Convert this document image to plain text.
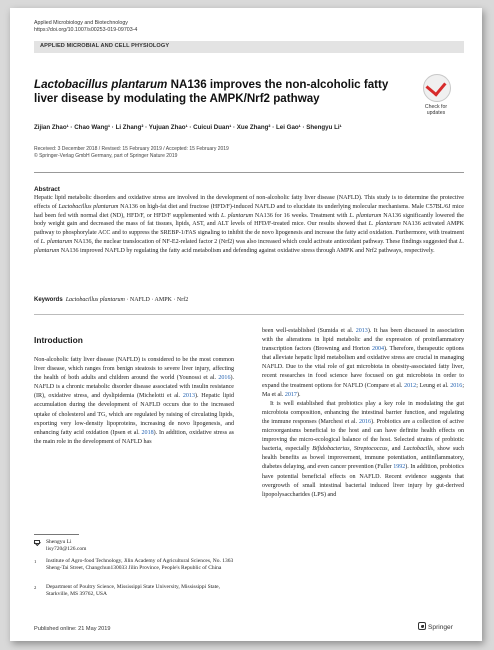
Applied Microbiology and Biotechnology
https://doi.org/10.1007/s00253-019-09703-4
APPLIED MICROBIAL AND CELL PHYSIOLOGY
Lactobacillus plantarum NA136 improves the non-alcoholic fatty liver disease by modulating the AMPK/Nrf2 pathway
Check for
updates
Zijian Zhao¹ · Chao Wang¹ · Li Zhang² · Yujuan Zhao¹ · Cuicui Duan¹ · Xue Zhang² · Lei Gao¹ · Shengyu Li¹
Received: 3 December 2018 / Revised: 15 February 2019 / Accepted: 15 February 2019
© Springer-Verlag GmbH Germany, part of Springer Nature 2019
Abstract
Hepatic lipid metabolic disorders and oxidative stress are involved in the development of non-alcoholic fatty liver disease (NAFLD). This study is to determine the protective effects of Lactobacillus plantarum NA136 on high-fat diet and fructose (HFD/F)-induced NAFLD and to elucidate its underlying molecular mechanisms. Male C57BL/6J mice had been fed with normal diet (ND), HFD/F, or HFD/F supplemented with L. plantarum NA136 for 16 weeks. Treatment with L. plantarum NA136 significantly lowered the body weight gain and decreased the mass of fat tissues, lipids, AST, and ALT levels of HFD/F-treated mice. Our results showed that L. plantarum NA136 activated AMPK pathway to phosphorylate ACC and to suppress the SREBP-1/FAS signaling to inhibit the de novo lipogenesis and increase the fatty acid oxidation. Furthermore, with treatment of L. plantarum NA136, the nuclear translocation of NF-E2-related factor 2 (Nrf2) was also increased which could activate antioxidant pathway. These findings suggested that L. plantarum NA136 improved NAFLD by regulating the fatty acid metabolism and defending against oxidative stress through AMPK and Nrf2 pathways, respectively.
Keywords Lactobacillus plantarum · NAFLD · AMPK · Nrf2
Introduction

Non-alcoholic fatty liver disease (NAFLD) is considered to be the most common liver disease, which ranges from benign steatosis to severe liver injury, affecting the health of both adults and children around the world (Younossi et al. 2016). NAFLD is a chronic metabolic disorder disease associated with insulin resistance (IR), oxidative stress, and dyslipidemia (Michelotti et al. 2013). Hepatic lipid accumulation during the development of NAFLD occurs due to the increased uptake of cholesterol and TG, which are regulated by raising of circulating lipids, exporting very low-density lipoproteins, increasing de novo lipogenesis, and enhancing fatty acid oxidation (Ipsen et al. 2018). In addition, oxidative stress as the main role in the development of NAFLD has

been well-established (Sumida et al. 2013). It has been discussed in association with the alterations in lipid metabolic and the expression of proinflammatory transcription factors (Browning and Horton 2004). Therefore, therapeutic options that alleviate hepatic lipid metabolism and oxidative stress are crucial in managing NAFLD. Due to the vital role of gut microbiota in obesity-associated fatty liver, recent researches in food science have focused on gut microbiota in order to expand the treatment options for NAFLD (Compare et al. 2012; Leung et al. 2016; Ma et al. 2017).

It is well established that probiotics play a key role in modulating the gut microbiota composition, enhancing the intestinal barrier function, and regulating the immune responses (Marchesi et al. 2016). Probiotics are a collection of active microorganisms beneficial to the host and can have definite health effects on improving the micro-ecological balance of the host. Selected strains of probiotic bacteria, especially Bifidobacterius, Streptococcus, and Lactobacills, show such health benefits as bowel improvement, immune potentiation, antiinflammatory, diabetes delaying, and even cancer prevention (Fuller 1992). In addition, probiotics have potential beneficial effects on NAFLD. Recent evidence suggests that overgrowth of small intestinal bacterial induced liver injury by gut-derived lipopolysaccharides (LPS) and

Shengyu Li
lisy720@126.com
1 Institute of Agro-food Technology, Jilin Academy of Agricultural Sciences, No. 1363 Sheng-Tai Street, Changchun130033 Jilin Province, People's Republic of China
2 Department of Poultry Science, Mississippi State University, Mississippi State, Starkville, MS 39762, USA
Published online: 21 May 2019	Springer
